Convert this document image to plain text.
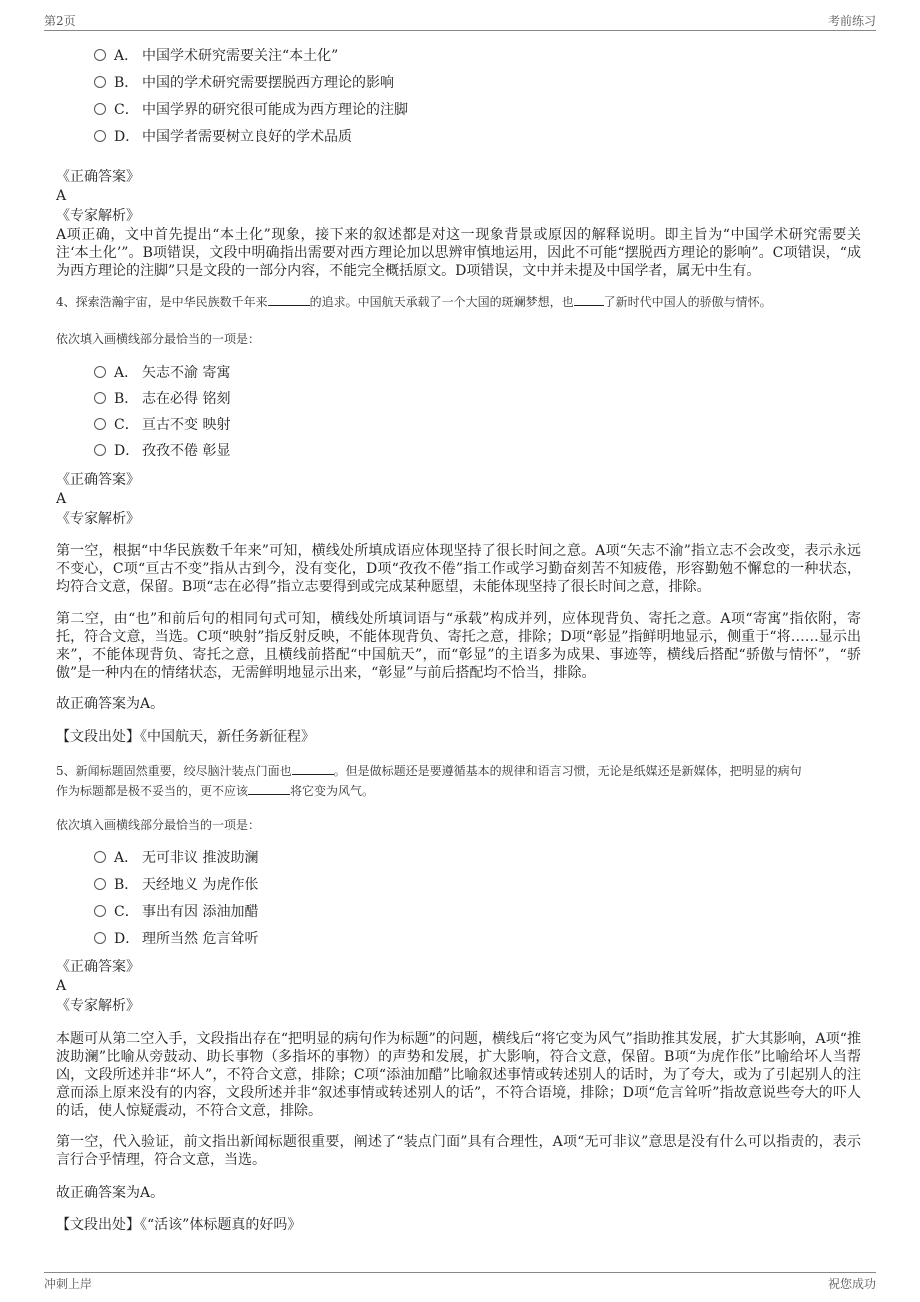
第2页	考前练习
A． 中国学术研究需要关注“本土化”
B． 中国的学术研究需要摆脱西方理论的影响
C． 中国学界的研究很可能成为西方理论的注脚
D． 中国学者需要树立良好的学术品质
《正确答案》
A
《专家解析》
A项正确，文中首先提出“本土化”现象，接下来的叙述都是对这一现象背景或原因的解释说明。即主旨为“中国学术研究需要关注‘本土化’”。B项错误，文段中明确指出需要对西方理论加以思辨审慎地运用，因此不可能“摆脱西方理论的影响”。C项错误，“成为西方理论的注脚”只是文段的一部分内容，不能完全概括原文。D项错误，文中并未提及中国学者，属无中生有。
4、探索浩瀚宇宙，是中华民族数千年来	的追求。中国航天承载了一个大国的斑斓梦想，也	了新时代中国人的骄傲与情怀。
依次填入画横线部分最恰当的一项是：
A． 矢志不渝 寄寓
B． 志在必得 铭刻
C． 亘古不变 映射
D． 孜孜不倦 彰显
《正确答案》
A
《专家解析》
第一空，根据“中华民族数千年来”可知，横线处所填成语应体现坚持了很长时间之意。A项“矢志不渝”指立志不会改变，表示永远不变心，C项“亘古不变”指从古到今，没有变化，D项“孜孜不倦”指工作或学习勤奋刻苦不知疲倦，形容勤勉不懈怠的一种状态，均符合文意，保留。B项“志在必得”指立志要得到或完成某种愿望，未能体现坚持了很长时间之意，排除。
第二空，由“也”和前后句的相同句式可知，横线处所填词语与“承载”构成并列，应体现背负、寄托之意。A项“寄寓”指依附，寄托，符合文意，当选。C项“映射”指反射反映，不能体现背负、寄托之意，排除；D项“彰显”指鲜明地显示，侧重于“将……显示出来”，不能体现背负、寄托之意，且横线前搭配“中国航天”，而“彰显”的主语多为成果、事迹等，横线后搭配“骄傲与情怀”，“骄傲”是一种内在的情绪状态，无需鲜明地显示出来，“彰显”与前后搭配均不恰当，排除。
故正确答案为A。
【文段出处】《中国航天，新任务新征程》
5、新闻标题固然重要，绞尽脑汁装点门面也	。但是做标题还是要遵循基本的规律和语言习惯，无论是纸媒还是新媒体，把明显的病句
作为标题都是极不妥当的，更不应该	将它变为风气。
依次填入画横线部分最恰当的一项是：
A． 无可非议 推波助澜
B． 天经地义 为虎作伥
C． 事出有因 添油加醋
D． 理所当然 危言耸听
《正确答案》
A
《专家解析》
本题可从第二空入手，文段指出存在“把明显的病句作为标题”的问题，横线后“将它变为风气”指助推其发展，扩大其影响，A项“推波助澜”比喻从旁鼓动、助长事物（多指坏的事物）的声势和发展，扩大影响，符合文意，保留。B项“为虎作伥”比喻给坏人当帮凶，文段所述并非“坏人”，不符合文意，排除；C项“添油加醋”比喻叙述事情或转述别人的话时，为了夸大，或为了引起别人的注意而添上原来没有的内容，文段所述并非“叙述事情或转述别人的话”，不符合语境，排除；D项“危言耸听”指故意说些夸大的吓人的话，使人惊疑震动，不符合文意，排除。
第一空，代入验证，前文指出新闻标题很重要，阐述了“装点门面”具有合理性，A项“无可非议”意思是没有什么可以指责的，表示言行合乎情理，符合文意，当选。
故正确答案为A。
【文段出处】《“活该”体标题真的好吗》
冲刺上岸	祝您成功
